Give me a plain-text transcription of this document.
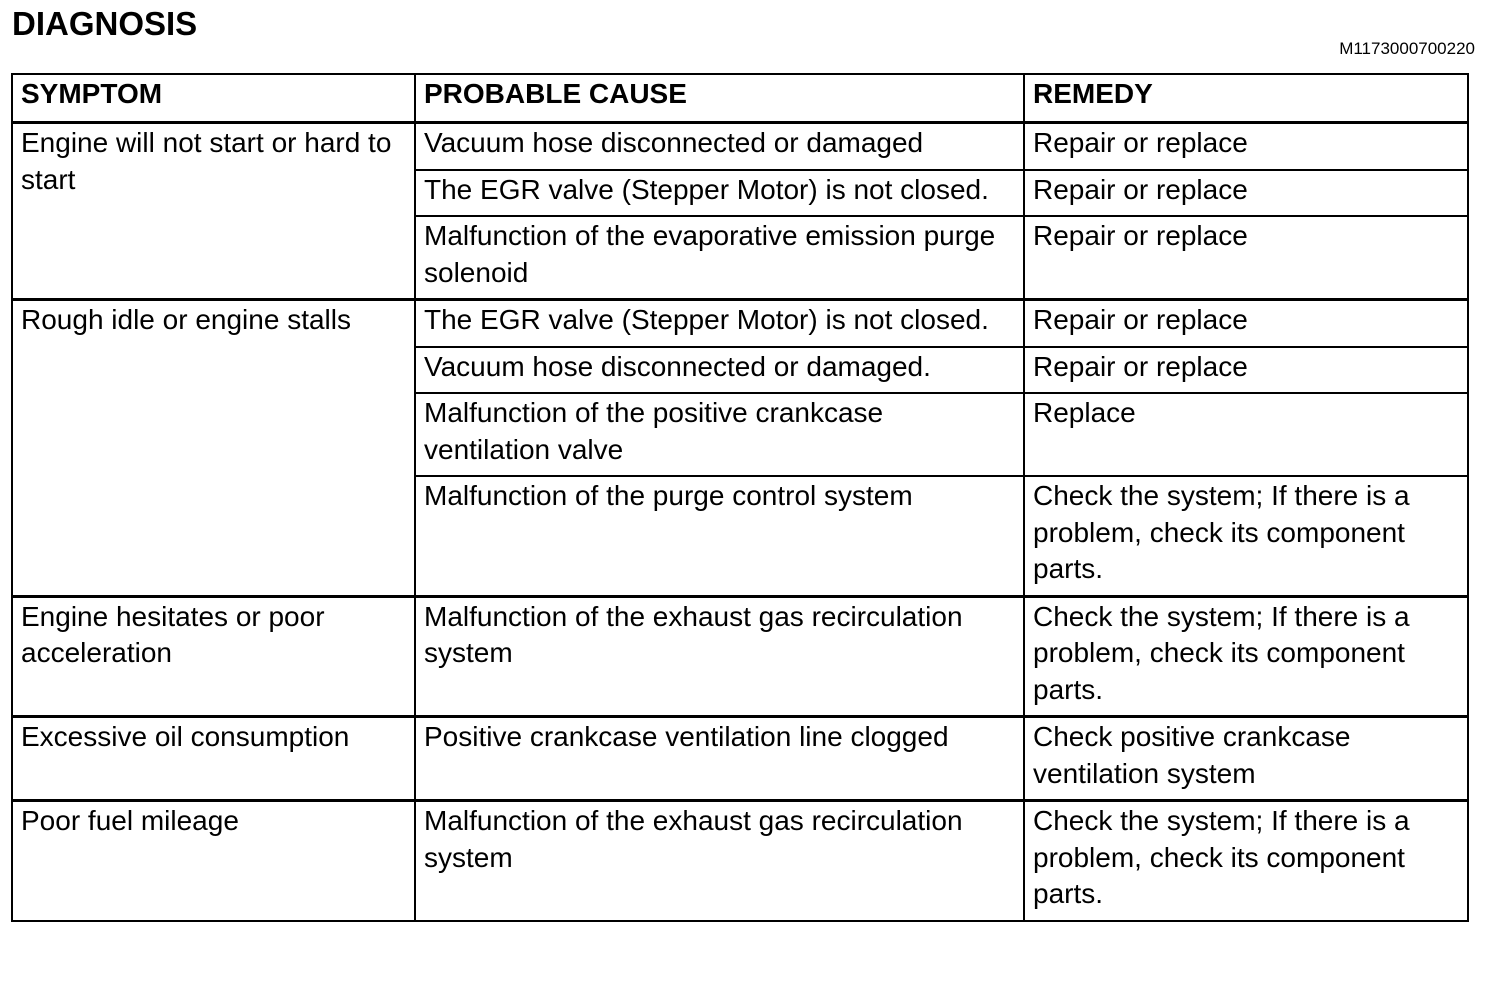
DIAGNOSIS
M1173000700220
SYMPTOM	PROBABLE CAUSE	REMEDY
Engine will not start or hard to start	Vacuum hose disconnected or damaged	Repair or replace
	The EGR valve (Stepper Motor) is not closed.	Repair or replace
	Malfunction of the evaporative emission purge solenoid	Repair or replace
Rough idle or engine stalls	The EGR valve (Stepper Motor) is not closed.	Repair or replace
	Vacuum hose disconnected or damaged.	Repair or replace
	Malfunction of the positive crankcase ventilation valve	Replace
	Malfunction of the purge control system	Check the system; If there is a problem, check its component parts.
Engine hesitates or poor acceleration	Malfunction of the exhaust gas recirculation system	Check the system; If there is a problem, check its component parts.
Excessive oil consumption	Positive crankcase ventilation line clogged	Check positive crankcase ventilation system
Poor fuel mileage	Malfunction of the exhaust gas recirculation system	Check the system; If there is a problem, check its component parts.
